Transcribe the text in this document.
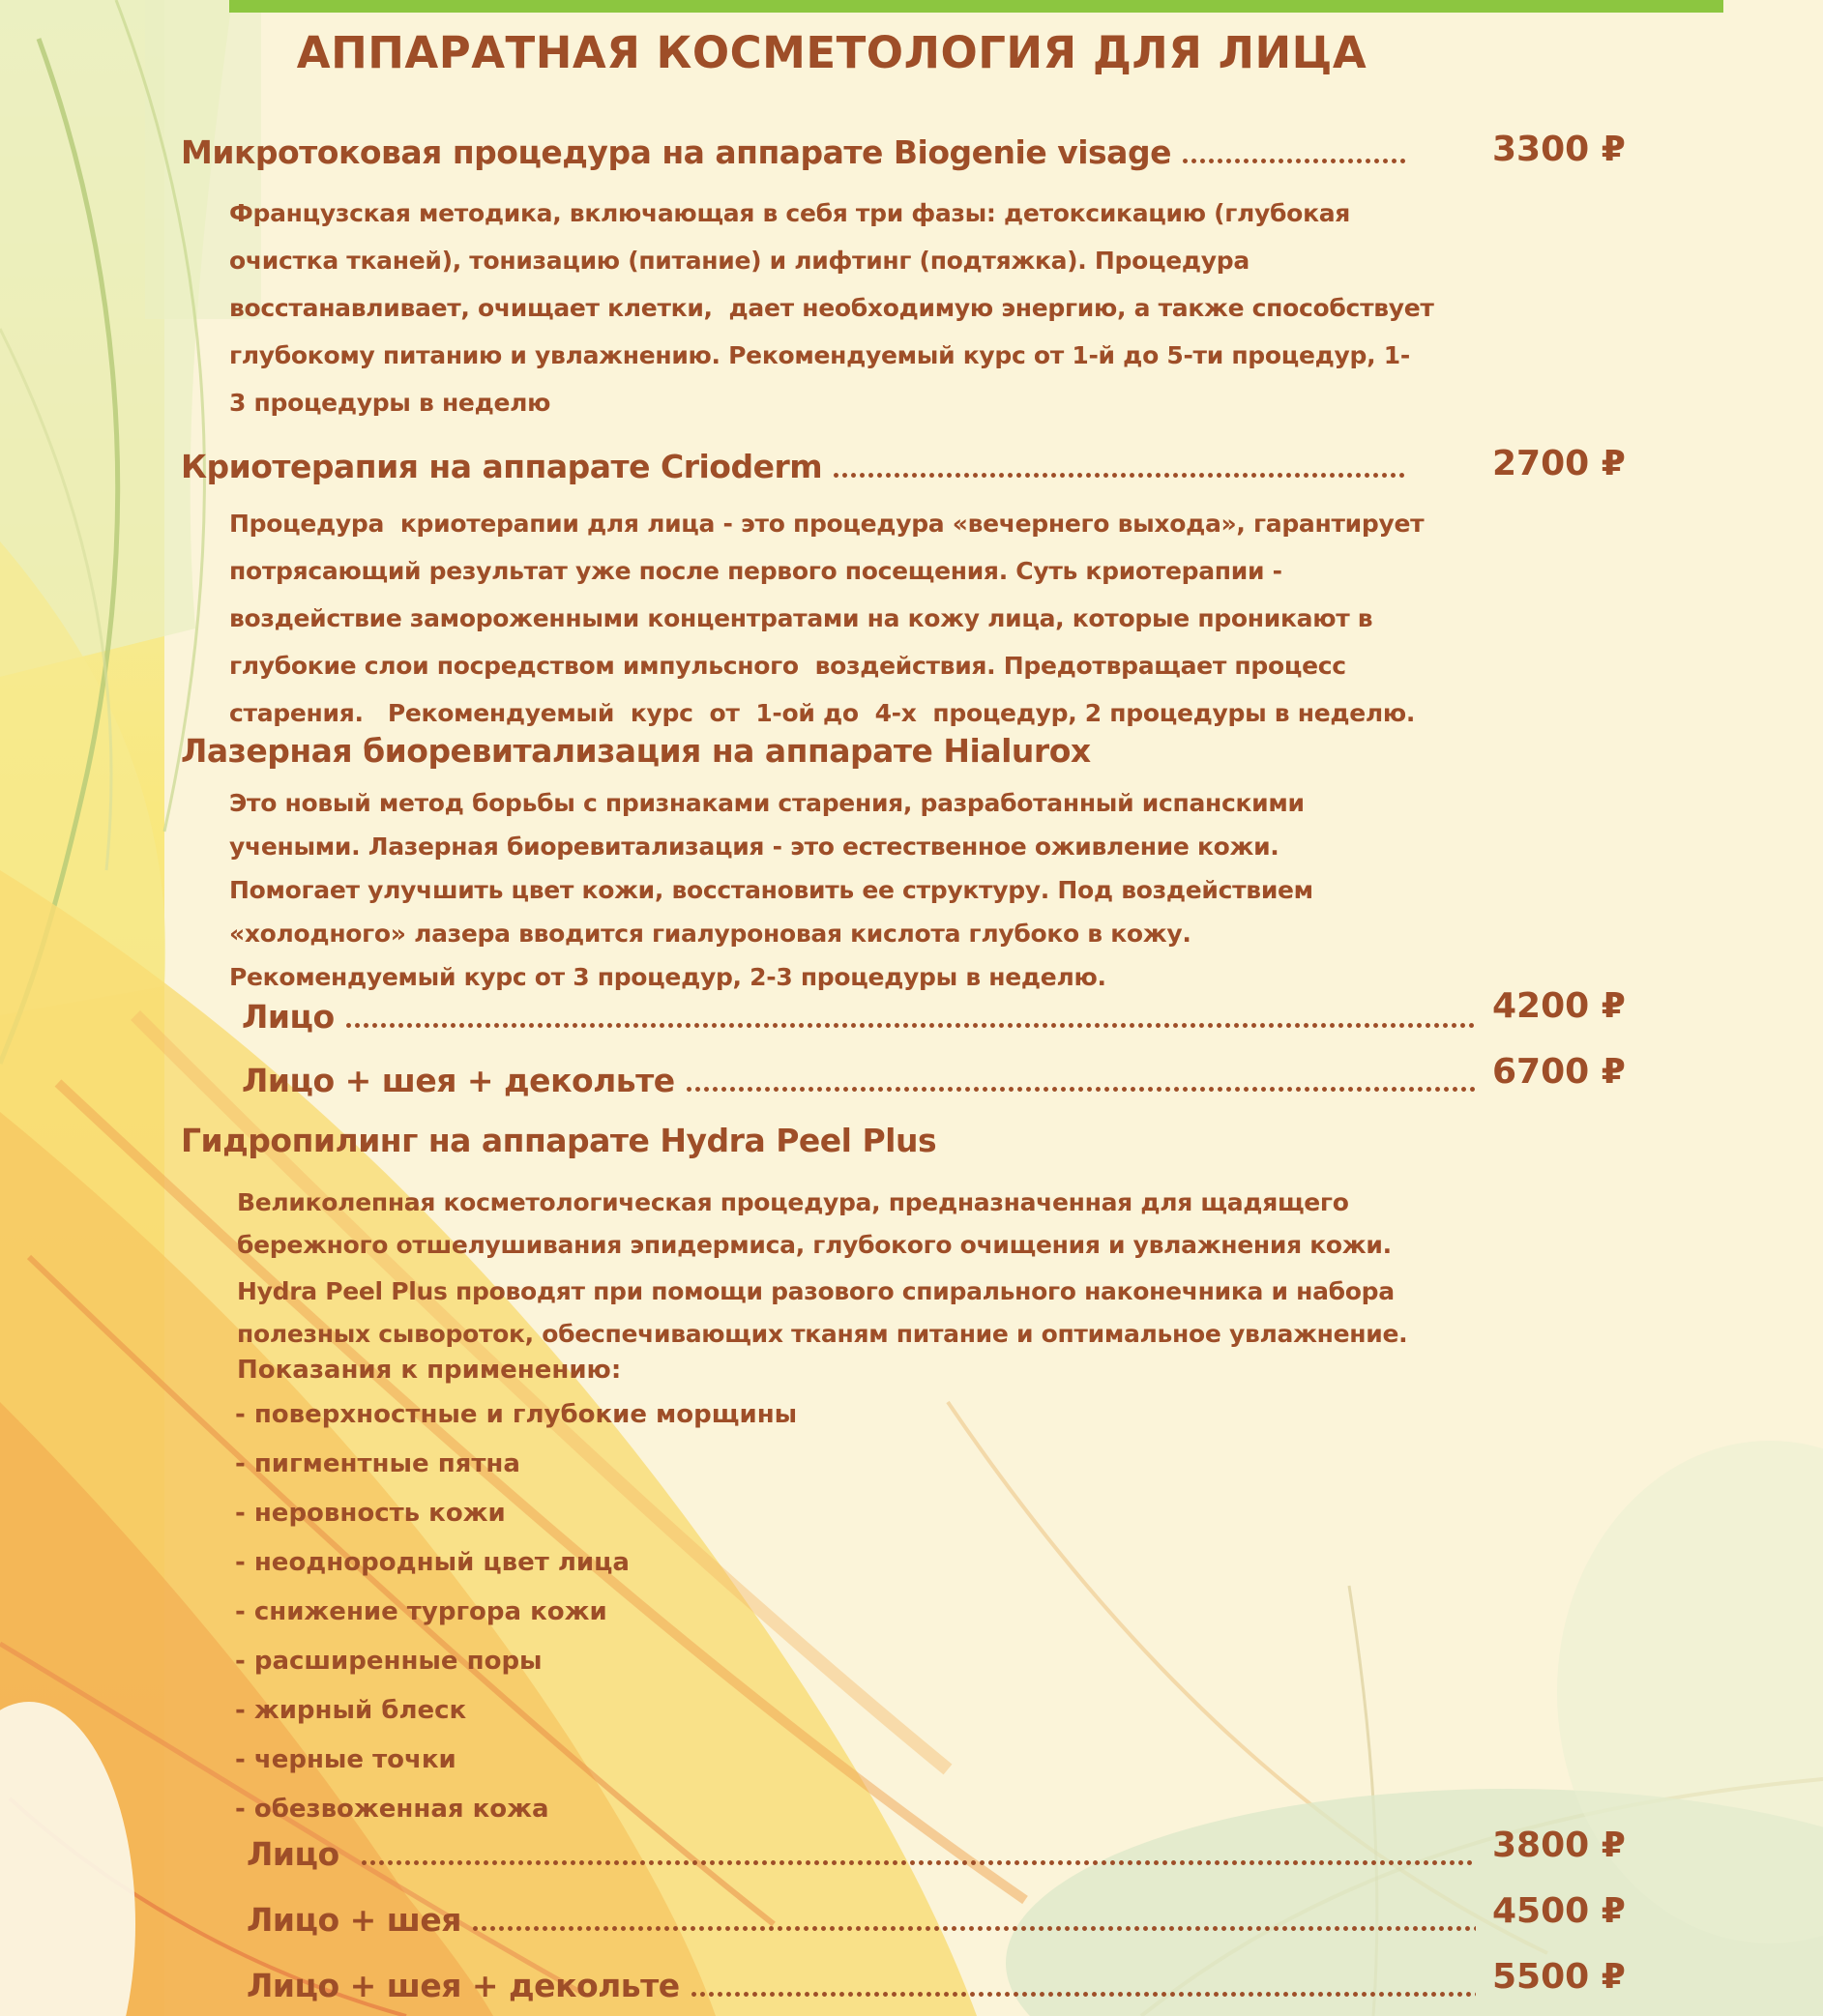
АППАРАТНАЯ КОСМЕТОЛОГИЯ ДЛЯ ЛИЦА
Микротоковая процедура на аппарате Biogenie visage	3300 ₽
Французская методика, включающая в себя три фазы: детоксикацию (глубокая
очистка тканей), тонизацию (питание) и лифтинг (подтяжка). Процедура
восстанавливает, очищает клетки,  дает необходимую энергию, а также способствует
глубокому питанию и увлажнению. Рекомендуемый курс от 1-й до 5-ти процедур, 1-
3 процедуры в неделю
Криотерапия на аппарате Crioderm	2700 ₽
Процедура  криотерапии для лица - это процедура «вечернего выхода», гарантирует
потрясающий результат уже после первого посещения. Суть криотерапии -
воздействие замороженными концентратами на кожу лица, которые проникают в
глубокие слои посредством импульсного  воздействия. Предотвращает процесс
старения.   Рекомендуемый  курс  от  1-ой до  4-х  процедур, 2 процедуры в неделю.
Лазерная биоревитализация на аппарате Hialurox
Это новый метод борьбы с признаками старения, разработанный испанскими
учеными. Лазерная биоревитализация - это естественное оживление кожи.
Помогает улучшить цвет кожи, восстановить ее структуру. Под воздействием
«холодного» лазера вводится гиалуроновая кислота глубоко в кожу.
Рекомендуемый курс от 3 процедур, 2-3 процедуры в неделю.
Лицо	4200 ₽
Лицо + шея + декольте	6700 ₽
Гидропилинг на аппарате Hydra Peel Plus
Великолепная косметологическая процедура, предназначенная для щадящего
бережного отшелушивания эпидермиса, глубокого очищения и увлажнения кожи.
Hydra Peel Plus проводят при помощи разового спирального наконечника и набора
полезных сывороток, обеспечивающих тканям питание и оптимальное увлажнение.
Показания к применению:
- поверхностные и глубокие морщины
- пигментные пятна
- неровность кожи
- неоднородный цвет лица
- снижение тургора кожи
- расширенные поры
- жирный блеск
- черные точки
- обезвоженная кожа
Лицо	3800 ₽
Лицо + шея	4500 ₽
Лицо + шея + декольте	5500 ₽
